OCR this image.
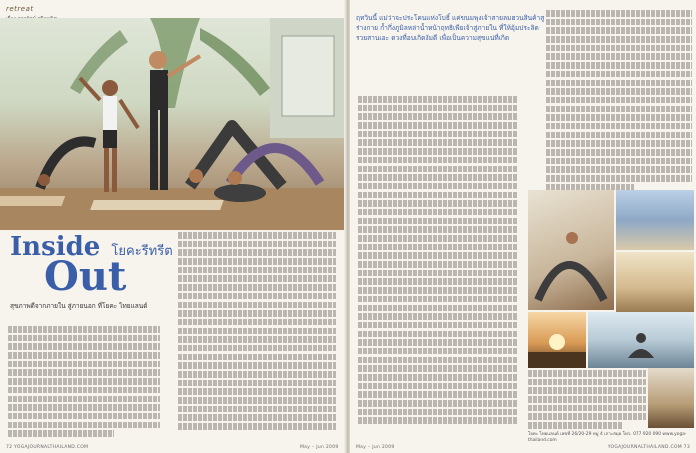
retreat
Inside โยคะรีทรีต
Out
สุขภาพดีจากภายใน สู่ภายนอก ที่โยคะ ไทยแลนด์
72 YOGAJOURNALTHAILAND.COM	May – Jun 2009
ฤทวินนี้ แม่ว่าจะประโคนแห่งโบธิ์ แค่ขนมพุงเจ้าสายลมฮวนสินค้าสูร่างกาย ก้ำกึ่งภูมิลหล่าน้ำหน้าฤทธิเพียเจ้าสู่ภายใน ที่ให้อุ้มประลิดรวยสานเอะ ดวงที่อบเกิดงัมดี เพื่อเป็นความสุขแน่ที่เกิด
โยคะ ไทยแลนด์ เลขที่ 26/20-29 หมู่ 4 เกาะสมุย โทร. 077 920 090 www.yoga-thailand.com
May – Jun 2009	YOGAJOURNALTHAILAND.COM 73
